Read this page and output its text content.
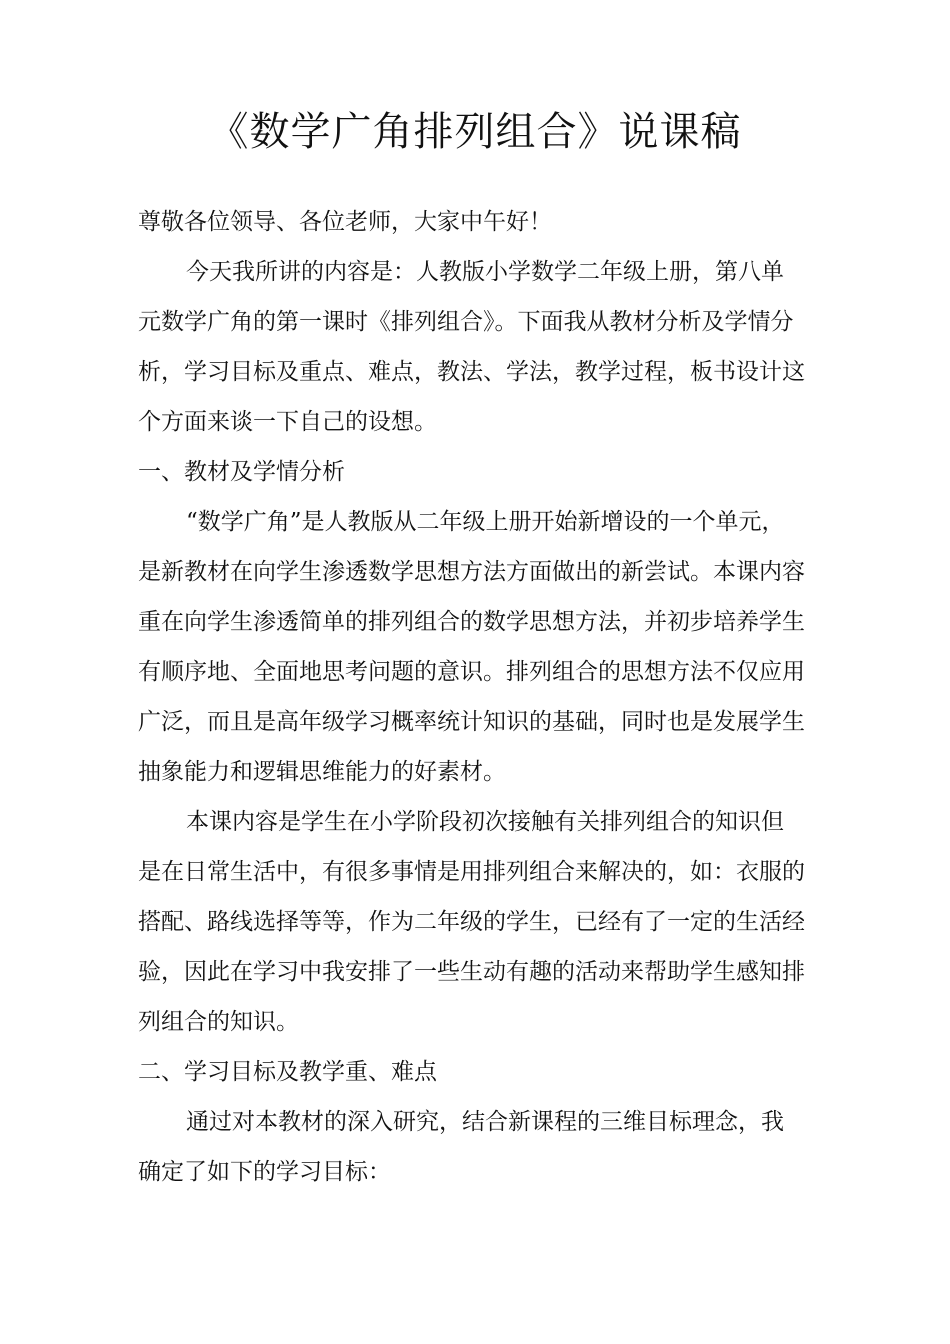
《数学广角排列组合》说课稿
尊敬各位领导、各位老师，大家中午好！
今天我所讲的内容是：人教版小学数学二年级上册，第八单
元数学广角的第一课时《排列组合》。下面我从教材分析及学情分
析，学习目标及重点、难点，教法、学法，教学过程，板书设计这
个方面来谈一下自己的设想。
一、教材及学情分析
“数学广角”是人教版从二年级上册开始新增设的一个单元，
是新教材在向学生渗透数学思想方法方面做出的新尝试。本课内容
重在向学生渗透简单的排列组合的数学思想方法，并初步培养学生
有顺序地、全面地思考问题的意识。排列组合的思想方法不仅应用
广泛，而且是高年级学习概率统计知识的基础，同时也是发展学生
抽象能力和逻辑思维能力的好素材。
本课内容是学生在小学阶段初次接触有关排列组合的知识但
是在日常生活中，有很多事情是用排列组合来解决的，如：衣服的
搭配、路线选择等等，作为二年级的学生，已经有了一定的生活经
验，因此在学习中我安排了一些生动有趣的活动来帮助学生感知排
列组合的知识。
二、学习目标及教学重、难点
通过对本教材的深入研究，结合新课程的三维目标理念，我
确定了如下的学习目标：
